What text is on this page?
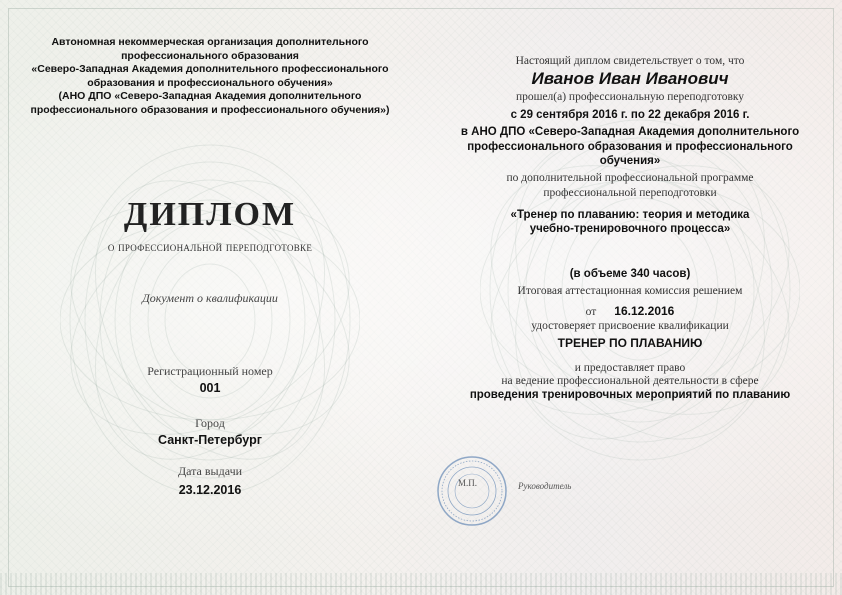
Автономная некоммерческая организация дополнительного
профессионального образования
«Северо-Западная Академия дополнительного профессионального
образования и профессионального обучения»
(АНО ДПО «Северо-Западная Академия дополнительного
профессионального образования и профессионального обучения»)
ДИПЛОМ
о профессиональной переподготовке
Документ о квалификации
Регистрационный номер
001
Город
Санкт-Петербург
Дата выдачи
23.12.2016
Настоящий диплом свидетельствует о том, что
Иванов Иван Иванович
прошел(а) профессиональную переподготовку
с 29 сентября 2016 г. по 22 декабря 2016 г.
в АНО ДПО «Северо-Западная Академия дополнительного
профессионального образования и профессионального
обучения»
по дополнительной профессиональной программе
профессиональной переподготовки
«Тренер по плаванию: теория и методика
учебно-тренировочного процесса»
(в объеме 340 часов)
Итоговая аттестационная комиссия решением
от 16.12.2016
удостоверяет присвоение квалификации
ТРЕНЕР ПО ПЛАВАНИЮ
и предоставляет право
на ведение профессиональной деятельности в сфере
проведения тренировочных мероприятий по плаванию
М.П.	Руководитель
